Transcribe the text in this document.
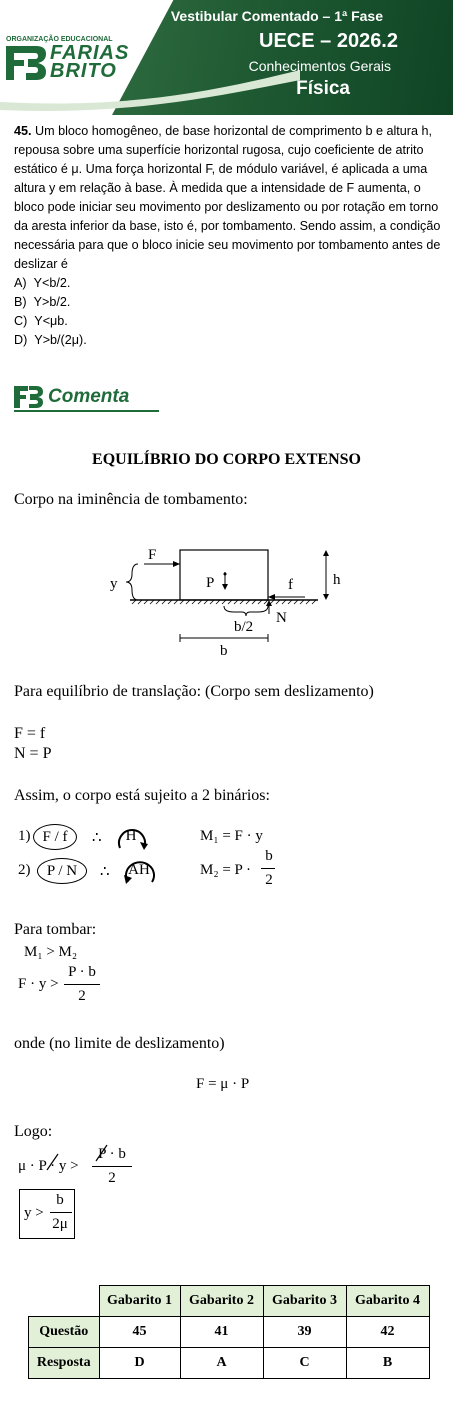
ORGANIZAÇÃO EDUCACIONAL
FARIAS
BRITO
Vestibular Comentado – 1ª Fase
UECE – 2026.2
Conhecimentos Gerais
Física

45. Um bloco homogêneo, de base horizontal de comprimento b e altura h, repousa sobre uma superfície horizontal rugosa, cujo coeficiente de atrito estático é μ. Uma força horizontal F, de módulo variável, é aplicada a uma altura y em relação à base. À medida que a intensidade de F aumenta, o bloco pode iniciar seu movimento por deslizamento ou por rotação em torno da aresta inferior da base, isto é, por tombamento. Sendo assim, a condição necessária para que o bloco inicie seu movimento por tombamento antes de deslizar é

A) Y<b/2.

B) Y>b/2.

C) Y<μb.

D) Y>b/(2μ).

Comenta
EQUILÍBRIO DO CORPO EXTENSO
Corpo na iminência de tombamento:
F
y	P	f
N
h
b/2
b
Para equilíbrio de translação: (Corpo sem deslizamento)
F = f
N = P
Assim, o corpo está sujeito a 2 binários:
1) F / f	∴	H	M₁ = F · y
2)	P / N	∴	AH	M₂ = P ·
b
2
Para tombar:
M₁ > M₂
F · y >
P · b
2
onde (no limite de deslizamento)
F = μ · P
Logo:
μ · P · y >
P · b
2
y >
b
2μ
	Gabarito 1	Gabarito 2	Gabarito 3	Gabarito 4
Questão	45	41	39	42
Resposta	D	A	C	B
